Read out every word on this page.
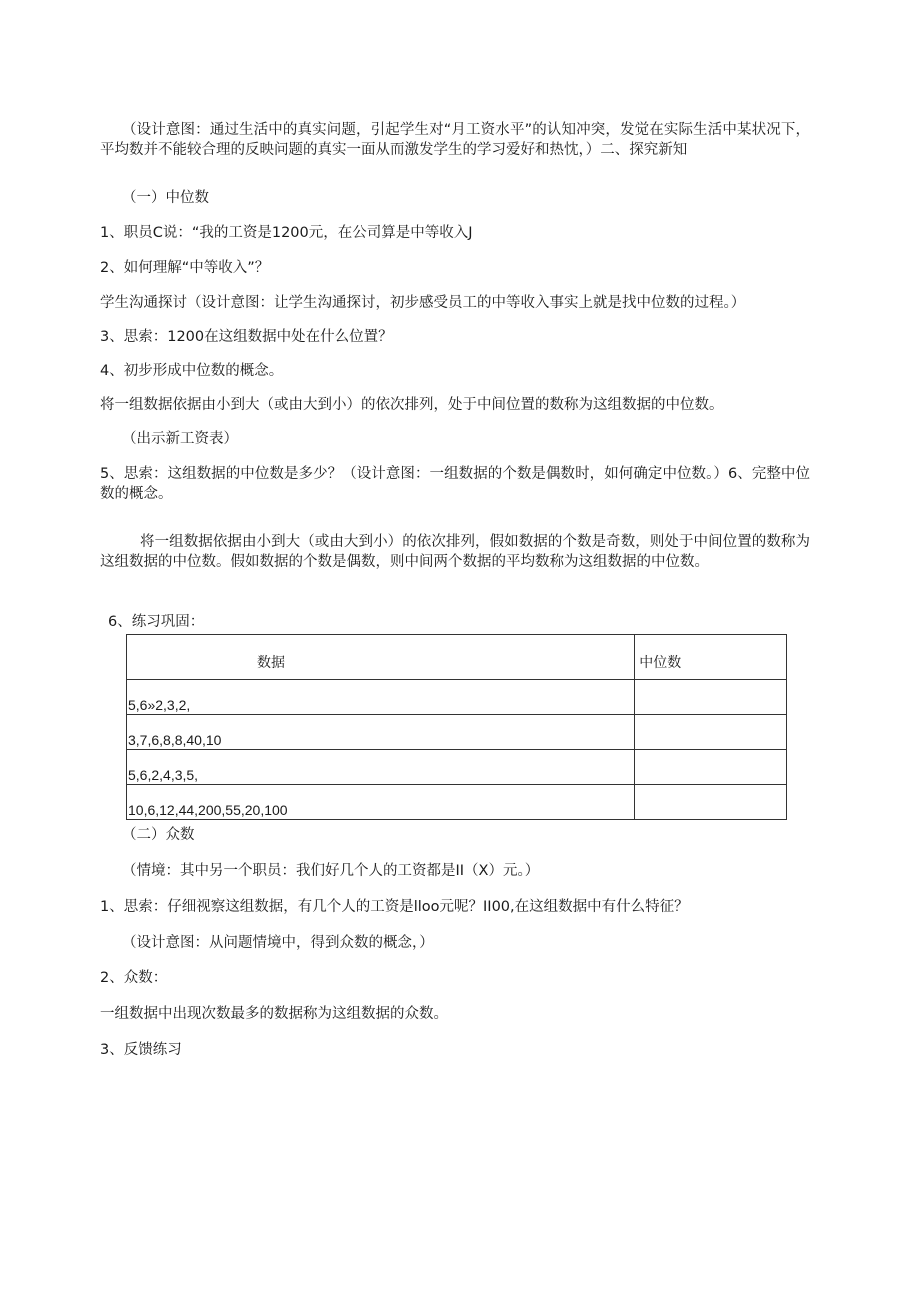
（设计意图：通过生活中的真实问题，引起学生对“月工资水平”的认知冲突，发觉在实际生活中某状况下，平均数并不能较合理的反映问题的真实一面从而激发学生的学习爱好和热忱，）二、探究新知
（一）中位数
1、职员C说：“我的工资是1200元，在公司算是中等收入J
2、如何理解“中等收入”？
学生沟通探讨（设计意图：让学生沟通探讨，初步感受员工的中等收入事实上就是找中位数的过程。）
3、思索：1200在这组数据中处在什么位置？
4、初步形成中位数的概念。
将一组数据依据由小到大（或由大到小）的依次排列，处于中间位置的数称为这组数据的中位数。
（出示新工资表）
5、思索：这组数据的中位数是多少？（设计意图：一组数据的个数是偶数时，如何确定中位数。）6、完整中位数的概念。
将一组数据依据由小到大（或由大到小）的依次排列，假如数据的个数是奇数，则处于中间位置的数称为这组数据的中位数。假如数据的个数是偶数，则中间两个数据的平均数称为这组数据的中位数。
6、练习巩固：
数据	中位数
5,6»2,3,2,	
3,7,6,8,8,40,10	
5,6,2,4,3,5,	
10,6,12,44,200,55,20,100	
（二）众数
（情境：其中另一个职员：我们好几个人的工资都是II（X）元。）
1、思索：仔细视察这组数据，有几个人的工资是lloo元呢？II00,在这组数据中有什么特征？
（设计意图：从问题情境中，得到众数的概念，）
2、众数：
一组数据中出现次数最多的数据称为这组数据的众数。
3、反馈练习
